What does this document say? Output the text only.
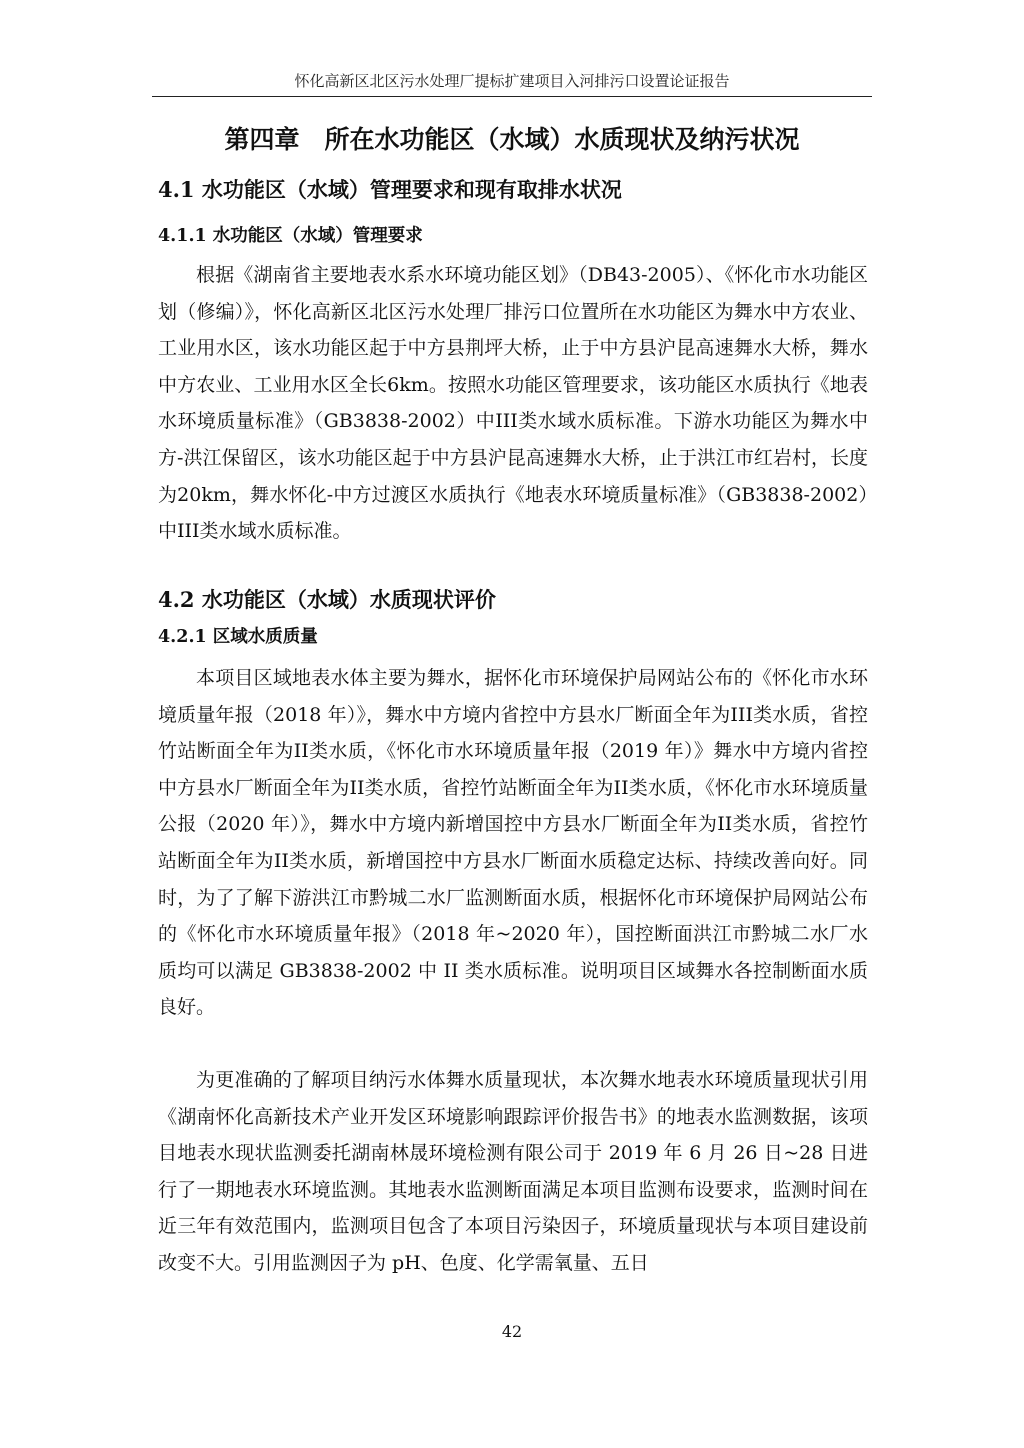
怀化高新区北区污水处理厂提标扩建项目入河排污口设置论证报告
第四章　所在水功能区（水域）水质现状及纳污状况
4.1 水功能区（水域）管理要求和现有取排水状况
4.1.1 水功能区（水域）管理要求

根据《湖南省主要地表水系水环境功能区划》（DB43-2005）、《怀化市水功能区划（修编）》，怀化高新区北区污水处理厂排污口位置所在水功能区为舞水中方农业、工业用水区，该水功能区起于中方县荆坪大桥，止于中方县沪昆高速舞水大桥，舞水中方农业、工业用水区全长6km。按照水功能区管理要求，该功能区水质执行《地表水环境质量标准》（GB3838-2002）中III类水域水质标准。下游水功能区为舞水中方-洪江保留区，该水功能区起于中方县沪昆高速舞水大桥，止于洪江市红岩村，长度为20km，舞水怀化-中方过渡区水质执行《地表水环境质量标准》（GB3838-2002）中III类水域水质标准。

4.2 水功能区（水域）水质现状评价
4.2.1 区域水质质量

本项目区域地表水体主要为舞水，据怀化市环境保护局网站公布的《怀化市水环境质量年报（2018 年）》，舞水中方境内省控中方县水厂断面全年为III类水质，省控竹站断面全年为II类水质，《怀化市水环境质量年报（2019 年）》舞水中方境内省控中方县水厂断面全年为II类水质，省控竹站断面全年为II类水质，《怀化市水环境质量公报（2020 年）》，舞水中方境内新增国控中方县水厂断面全年为II类水质，省控竹站断面全年为II类水质，新增国控中方县水厂断面水质稳定达标、持续改善向好。同时，为了了解下游洪江市黔城二水厂监测断面水质，根据怀化市环境保护局网站公布的《怀化市水环境质量年报》（2018 年~2020 年），国控断面洪江市黔城二水厂水质均可以满足 GB3838-2002 中 II 类水质标准。说明项目区域舞水各控制断面水质良好。

为更准确的了解项目纳污水体舞水质量现状，本次舞水地表水环境质量现状引用《湖南怀化高新技术产业开发区环境影响跟踪评价报告书》的地表水监测数据，该项目地表水现状监测委托湖南林晟环境检测有限公司于 2019 年 6 月 26 日~28 日进行了一期地表水环境监测。其地表水监测断面满足本项目监测布设要求，监测时间在近三年有效范围内，监测项目包含了本项目污染因子，环境质量现状与本项目建设前改变不大。引用监测因子为 pH、色度、化学需氧量、五日

42
